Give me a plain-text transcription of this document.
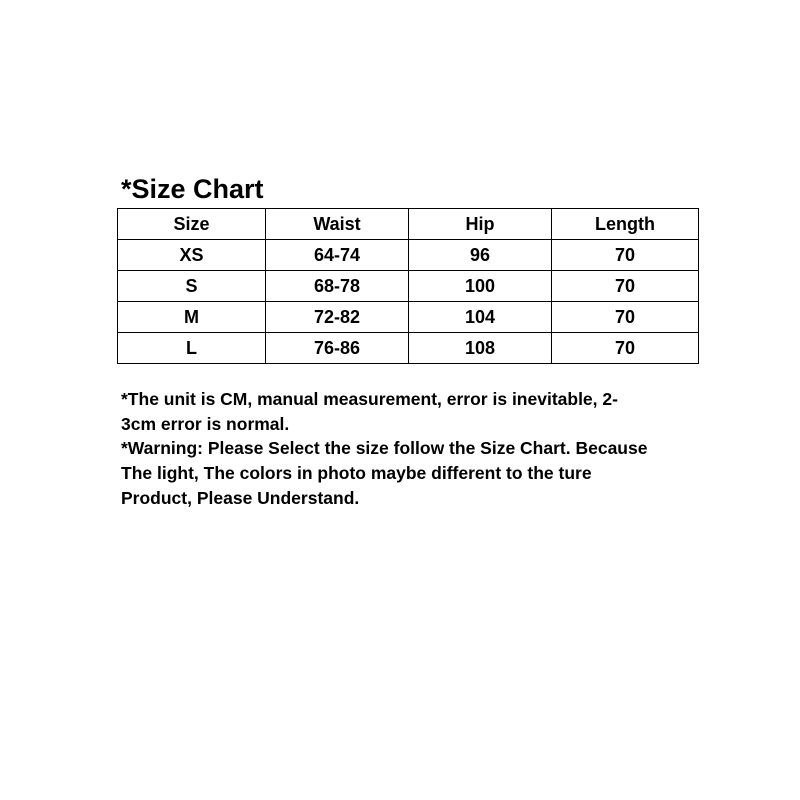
*Size Chart
Size	Waist	Hip	Length
XS	64-74	96	70
S	68-78	100	70
M	72-82	104	70
L	76-86	108	70

*The unit is CM, manual measurement, error is inevitable, 2-
3cm error is normal.

*Warning: Please Select the size follow the Size Chart. Because
The light, The colors in photo maybe different to the ture
Product, Please Understand.
